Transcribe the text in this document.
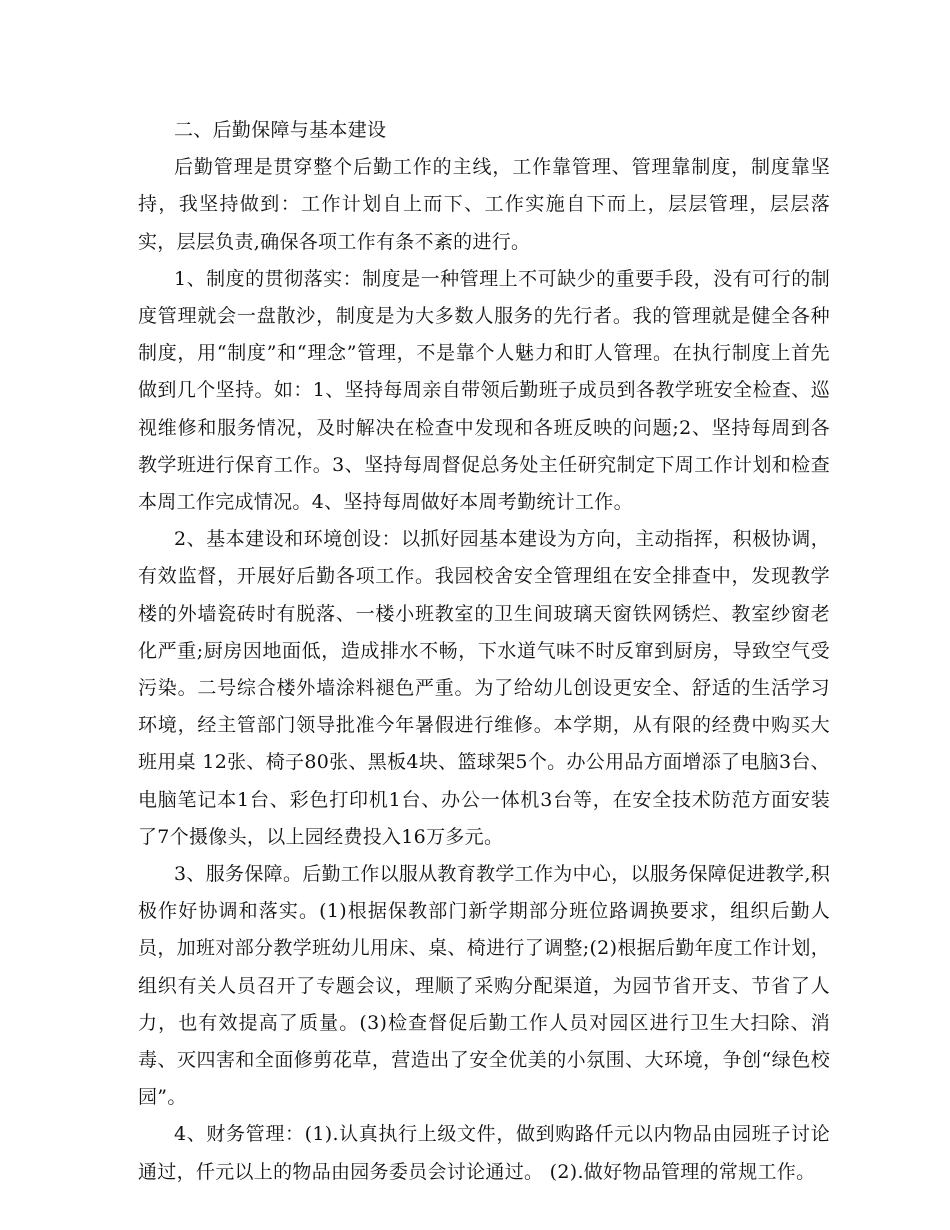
二、后勤保障与基本建设

后勤管理是贯穿整个后勤工作的主线，工作靠管理、管理靠制度，制度靠坚持，我坚持做到：工作计划自上而下、工作实施自下而上，层层管理，层层落实，层层负责,确保各项工作有条不紊的进行。

1、制度的贯彻落实：制度是一种管理上不可缺少的重要手段，没有可行的制度管理就会一盘散沙，制度是为大多数人服务的先行者。我的管理就是健全各种制度，用“制度”和“理念”管理，不是靠个人魅力和盯人管理。在执行制度上首先做到几个坚持。如：1、坚持每周亲自带领后勤班子成员到各教学班安全检查、巡视维修和服务情况，及时解决在检查中发现和各班反映的问题;2、坚持每周到各教学班进行保育工作。3、坚持每周督促总务处主任研究制定下周工作计划和检查本周工作完成情况。4、坚持每周做好本周考勤统计工作。

2、基本建设和环境创设：以抓好园基本建设为方向，主动指挥，积极协调，有效监督，开展好后勤各项工作。我园校舍安全管理组在安全排查中，发现教学楼的外墙瓷砖时有脱落、一楼小班教室的卫生间玻璃天窗铁网锈烂、教室纱窗老化严重;厨房因地面低，造成排水不畅，下水道气味不时反窜到厨房，导致空气受污染。二号综合楼外墙涂料褪色严重。为了给幼儿创设更安全、舒适的生活学习环境，经主管部门领导批准今年暑假进行维修。本学期，从有限的经费中购买大班用桌 12张、椅子80张、黑板4块、篮球架5个。办公用品方面增添了电脑3台、电脑笔记本1台、彩色打印机1台、办公一体机3台等，在安全技术防范方面安装了7个摄像头，以上园经费投入16万多元。

3、服务保障。后勤工作以服从教育教学工作为中心，以服务保障促进教学,积极作好协调和落实。(1)根据保教部门新学期部分班位路调换要求，组织后勤人员，加班对部分教学班幼儿用床、桌、椅进行了调整;(2)根据后勤年度工作计划，组织有关人员召开了专题会议，理顺了采购分配渠道，为园节省开支、节省了人力，也有效提高了质量。(3)检查督促后勤工作人员对园区进行卫生大扫除、消毒、灭四害和全面修剪花草，营造出了安全优美的小氛围、大环境，争创“绿色校园”。

4、财务管理：(1).认真执行上级文件，做到购路仟元以内物品由园班子讨论通过，仟元以上的物品由园务委员会讨论通过。 (2).做好物品管理的常规工作。
